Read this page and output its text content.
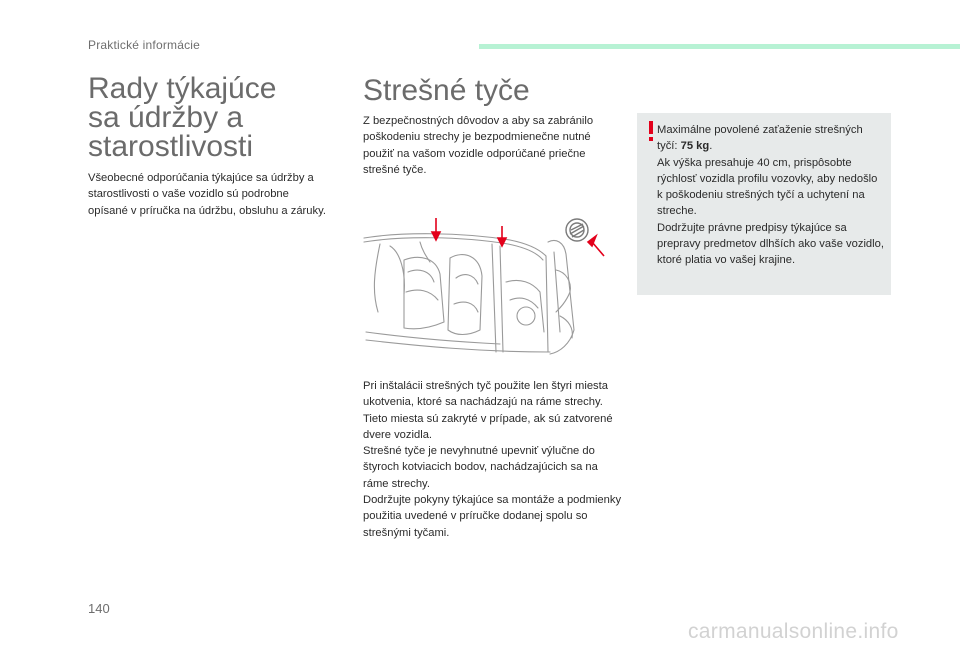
Praktické informácie
Rady týkajúce
sa údržby a
starostlivosti

Všeobecné odporúčania týkajúce sa údržby a starostlivosti o vaše vozidlo sú podrobne opísané v príručka na údržbu, obsluhu a záruky.

Strešné tyče

Z bezpečnostných dôvodov a aby sa zabránilo poškodeniu strechy je bezpodmienečne nutné použiť na vašom vozidle odporúčané priečne strešné tyče.

Pri inštalácii strešných tyč použite len štyri miesta ukotvenia, ktoré sa nachádzajú na ráme strechy. Tieto miesta sú zakryté v prípade, ak sú zatvorené dvere vozidla.
Strešné tyče je nevyhnutné upevniť výlučne do štyroch kotviacich bodov, nachádzajúcich sa na ráme strechy.
Dodržujte pokyny týkajúce sa montáže a podmienky použitia uvedené v príručke dodanej spolu so strešnými tyčami.
Maximálne povolené zaťaženie strešných tyčí: 75 kg.
Ak výška presahuje 40 cm, prispôsobte rýchlosť vozidla profilu vozovky, aby nedošlo k poškodeniu strešných tyčí a uchytení na streche.
Dodržujte právne predpisy týkajúce sa prepravy predmetov dlhších ako vaše vozidlo, ktoré platia vo vašej krajine.
140
carmanualsonline.info
